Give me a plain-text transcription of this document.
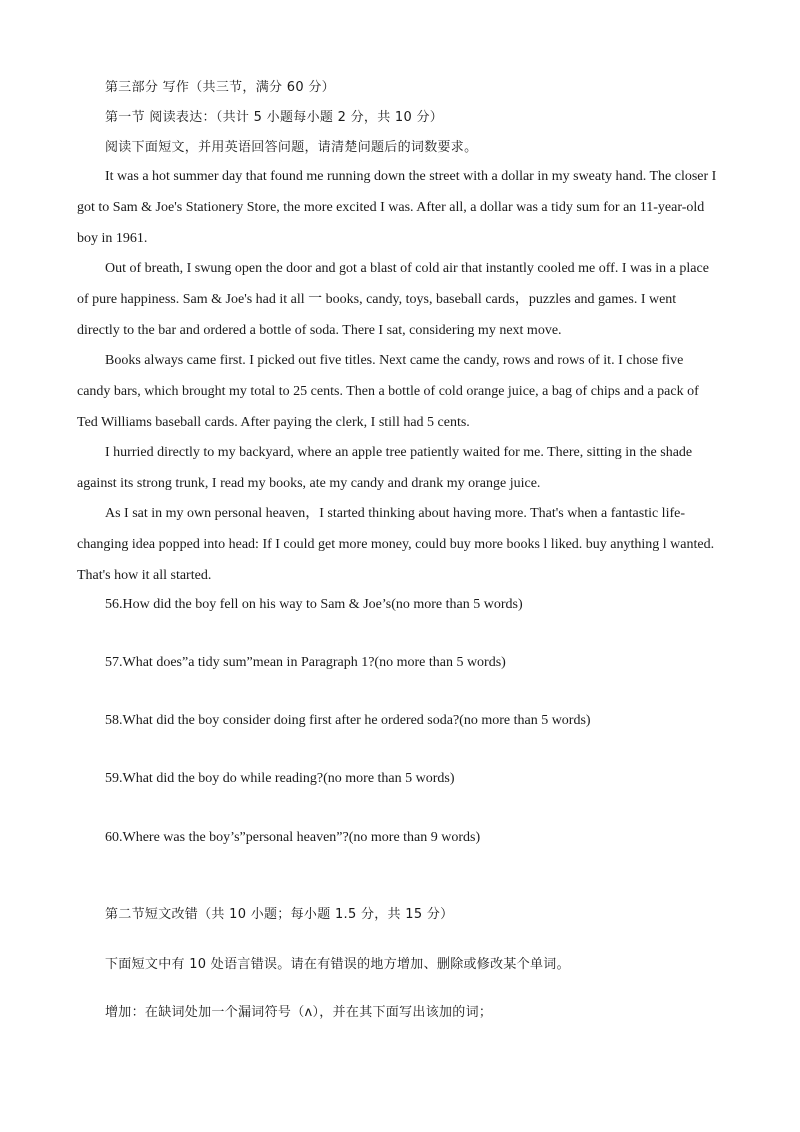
第三部分 写作（共三节，满分 60 分）
第一节 阅读表达：（共计 5 小题每小题 2 分，共 10 分）
阅读下面短文，并用英语回答问题，请清楚问题后的词数要求。
It was a hot summer day that found me running down the street with a dollar in my sweaty hand. The closer I
got to Sam & Joe's Stationery Store, the more excited I was. After all, a dollar was a tidy sum for an 11-year-old
boy in 1961.
Out of breath, I swung open the door and got a blast of cold air that instantly cooled me off. I was in a place
of pure happiness. Sam & Joe's had it all 一 books, candy, toys, baseball cards，puzzles and games. I went
directly to the bar and ordered a bottle of soda. There I sat, considering my next move.
Books always came first. I picked out five titles. Next came the candy, rows and rows of it. I chose five
candy bars, which brought my total to 25 cents. Then a bottle of cold orange juice, a bag of chips and a pack of
Ted Williams baseball cards. After paying the clerk, I still had 5 cents.
I hurried directly to my backyard, where an apple tree patiently waited for me. There, sitting in the shade
against its strong trunk, I read my books, ate my candy and drank my orange juice.
As I sat in my own personal heaven，I started thinking about having more. That's when a fantastic life-
changing idea popped into head: If I could get more money, could buy more books l liked. buy anything l wanted.
That's how it all started.
56.How did the boy fell on his way to Sam & Joe’s(no more than 5 words)
57.What does”a tidy sum”mean in Paragraph 1?(no more than 5 words)
58.What did the boy consider doing first after he ordered soda?(no more than 5 words)
59.What did the boy do while reading?(no more than 5 words)
60.Where was the boy’s”personal heaven”?(no more than 9 words)
第二节短文改错（共 10 小题；每小题 1.5 分，共 15 分）
下面短文中有 10 处语言错误。请在有错误的地方增加、删除或修改某个单词。
增加：在缺词处加一个漏词符号（ʌ），并在其下面写出该加的词；
